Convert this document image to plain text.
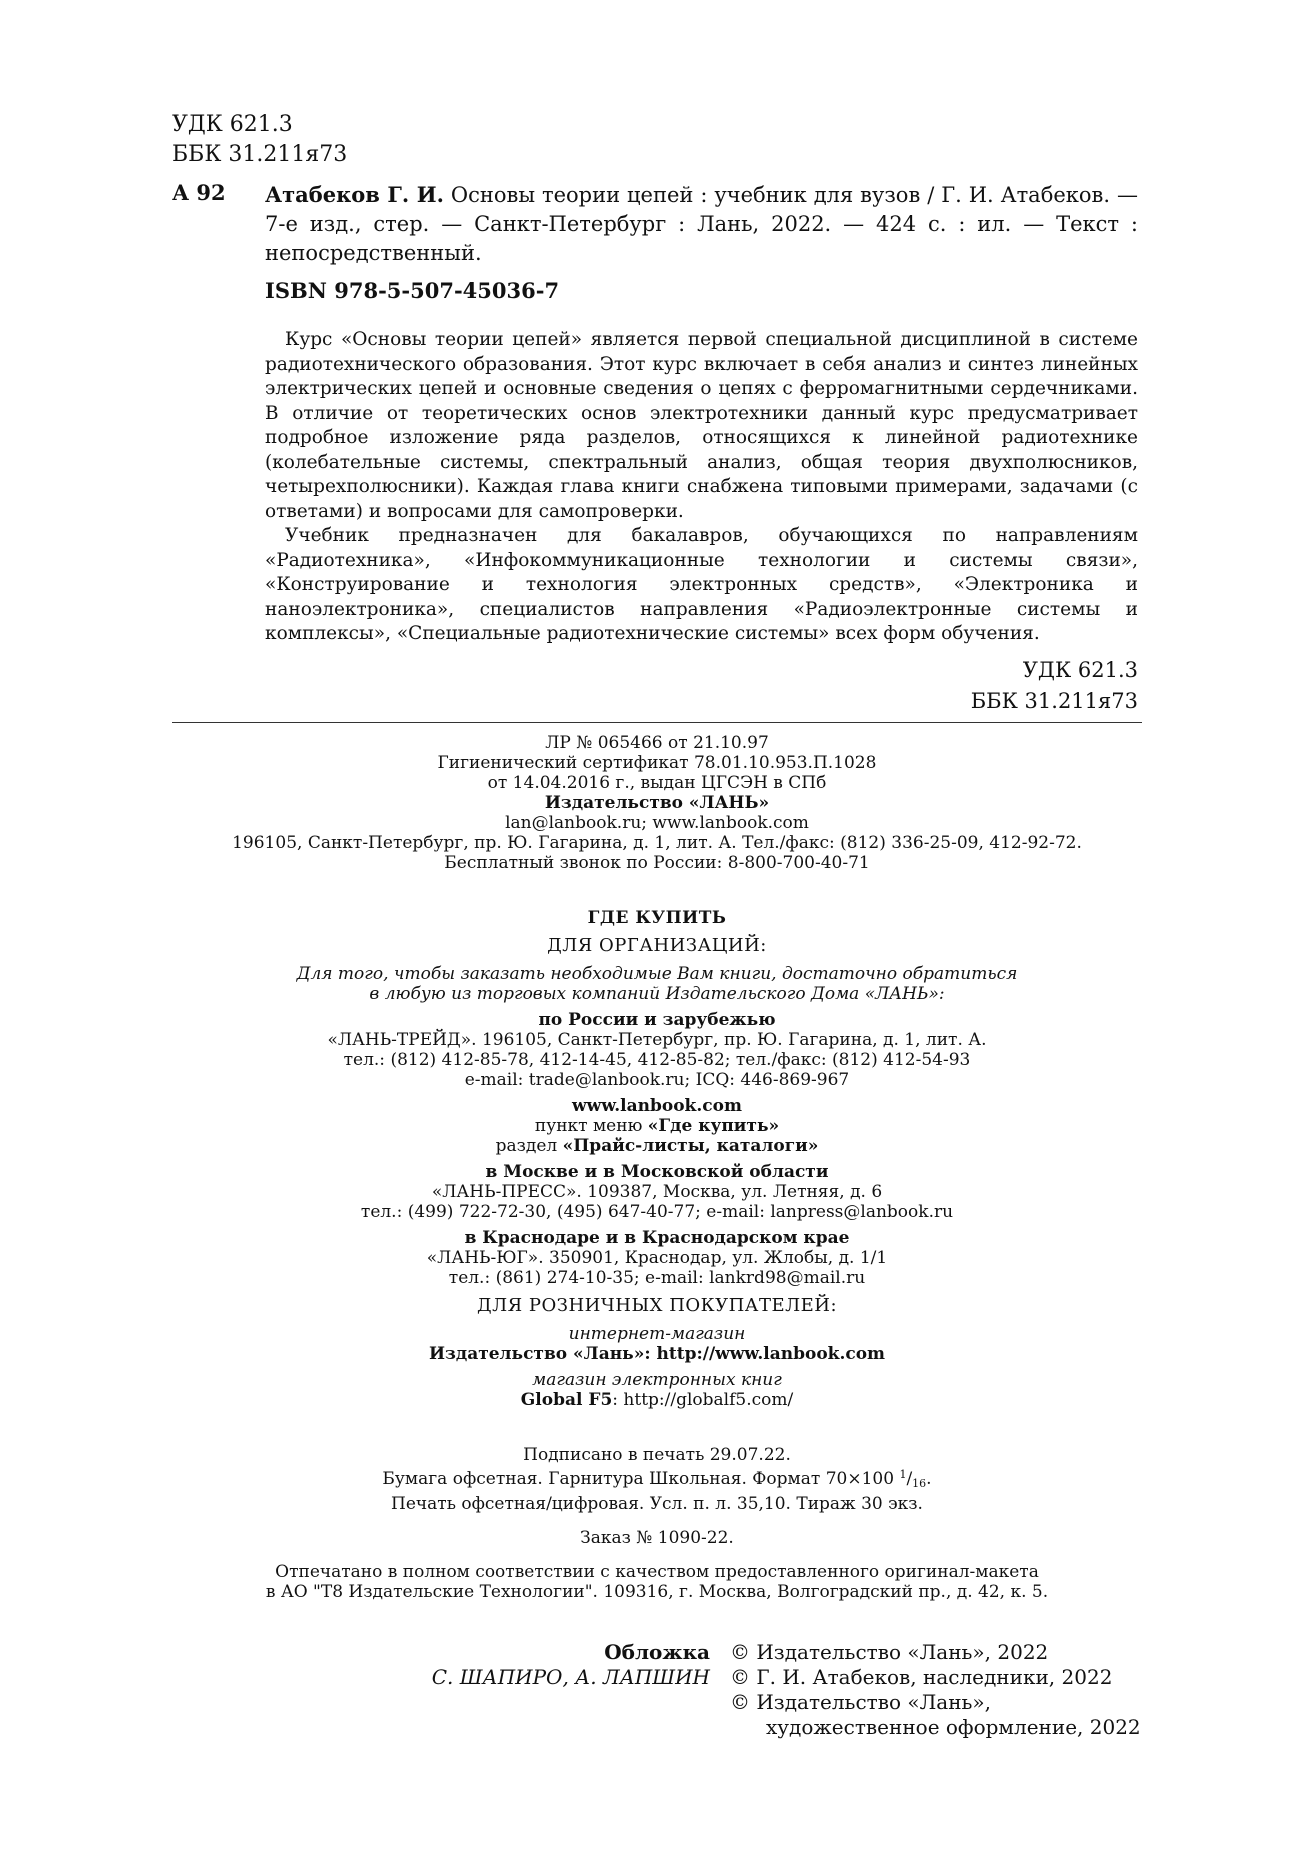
УДК 621.3
ББК 31.211я73
А 92 Атабеков Г. И. Основы теории цепей : учебник для вузов / Г. И. Атабеков. — 7-е изд., стер. — Санкт-Петербург : Лань, 2022. — 424 с. : ил. — Текст : непосредственный.
ISBN 978-5-507-45036-7

Курс «Основы теории цепей» является первой специальной дисциплиной в системе радиотехнического образования. Этот курс включает в себя анализ и синтез линейных электрических цепей и основные сведения о цепях с ферромагнитными сердечниками. В отличие от теоретических основ электротехники данный курс предусматривает подробное изложение ряда разделов, относящихся к линейной радиотехнике (колебательные системы, спектральный анализ, общая теория двухполюсников, четырехполюсники). Каждая глава книги снабжена типовыми примерами, задачами (с ответами) и вопросами для самопроверки.

Учебник предназначен для бакалавров, обучающихся по направлениям «Радиотехника», «Инфокоммуникационные технологии и системы связи», «Конструирование и технология электронных средств», «Электроника и наноэлектроника», специалистов направления «Радиоэлектронные системы и комплексы», «Специальные радиотехнические системы» всех форм обучения.

УДК 621.3
ББК 31.211я73

ЛР № 065466 от 21.10.97

Гигиенический сертификат 78.01.10.953.П.1028

от 14.04.2016 г., выдан ЦГСЭН в СПб

Издательство «ЛАНЬ»

lan@lanbook.ru; www.lanbook.com

196105, Санкт-Петербург, пр. Ю. Гагарина, д. 1, лит. А. Тел./факс: (812) 336-25-09, 412-92-72.

Бесплатный звонок по России: 8-800-700-40-71

ГДЕ КУПИТЬ

ДЛЯ ОРГАНИЗАЦИЙ:

Для того, чтобы заказать необходимые Вам книги, достаточно обратиться

в любую из торговых компаний Издательского Дома «ЛАНЬ»:

по России и зарубежью

«ЛАНЬ-ТРЕЙД». 196105, Санкт-Петербург, пр. Ю. Гагарина, д. 1, лит. А.

тел.: (812) 412-85-78, 412-14-45, 412-85-82; тел./факс: (812) 412-54-93

e-mail: trade@lanbook.ru; ICQ: 446-869-967

www.lanbook.com

пункт меню «Где купить»

раздел «Прайс-листы, каталоги»

в Москве и в Московской области

«ЛАНЬ-ПРЕСС». 109387, Москва, ул. Летняя, д. 6

тел.: (499) 722-72-30, (495) 647-40-77; e-mail: lanpress@lanbook.ru

в Краснодаре и в Краснодарском крае

«ЛАНЬ-ЮГ». 350901, Краснодар, ул. Жлобы, д. 1/1

тел.: (861) 274-10-35; e-mail: lankrd98@mail.ru

ДЛЯ РОЗНИЧНЫХ ПОКУПАТЕЛЕЙ:

интернет-магазин

Издательство «Лань»: http://www.lanbook.com

магазин электронных книг

Global F5: http://globalf5.com/

Подписано в печать 29.07.22.

Бумага офсетная. Гарнитура Школьная. Формат 70×100 $^1/_{16}$.

Печать офсетная/цифровая. Усл. п. л. 35,10. Тираж 30 экз.

Заказ № 1090-22.

Отпечатано в полном соответствии с качеством предоставленного оригинал-макета

в АО "Т8 Издательские Технологии". 109316, г. Москва, Волгоградский пр., д. 42, к. 5.

Обложка

С. ШАПИРО, А. ЛАПШИН

© Издательство «Лань», 2022

© Г. И. Атабеков, наследники, 2022

© Издательство «Лань»,

художественное оформление, 2022
